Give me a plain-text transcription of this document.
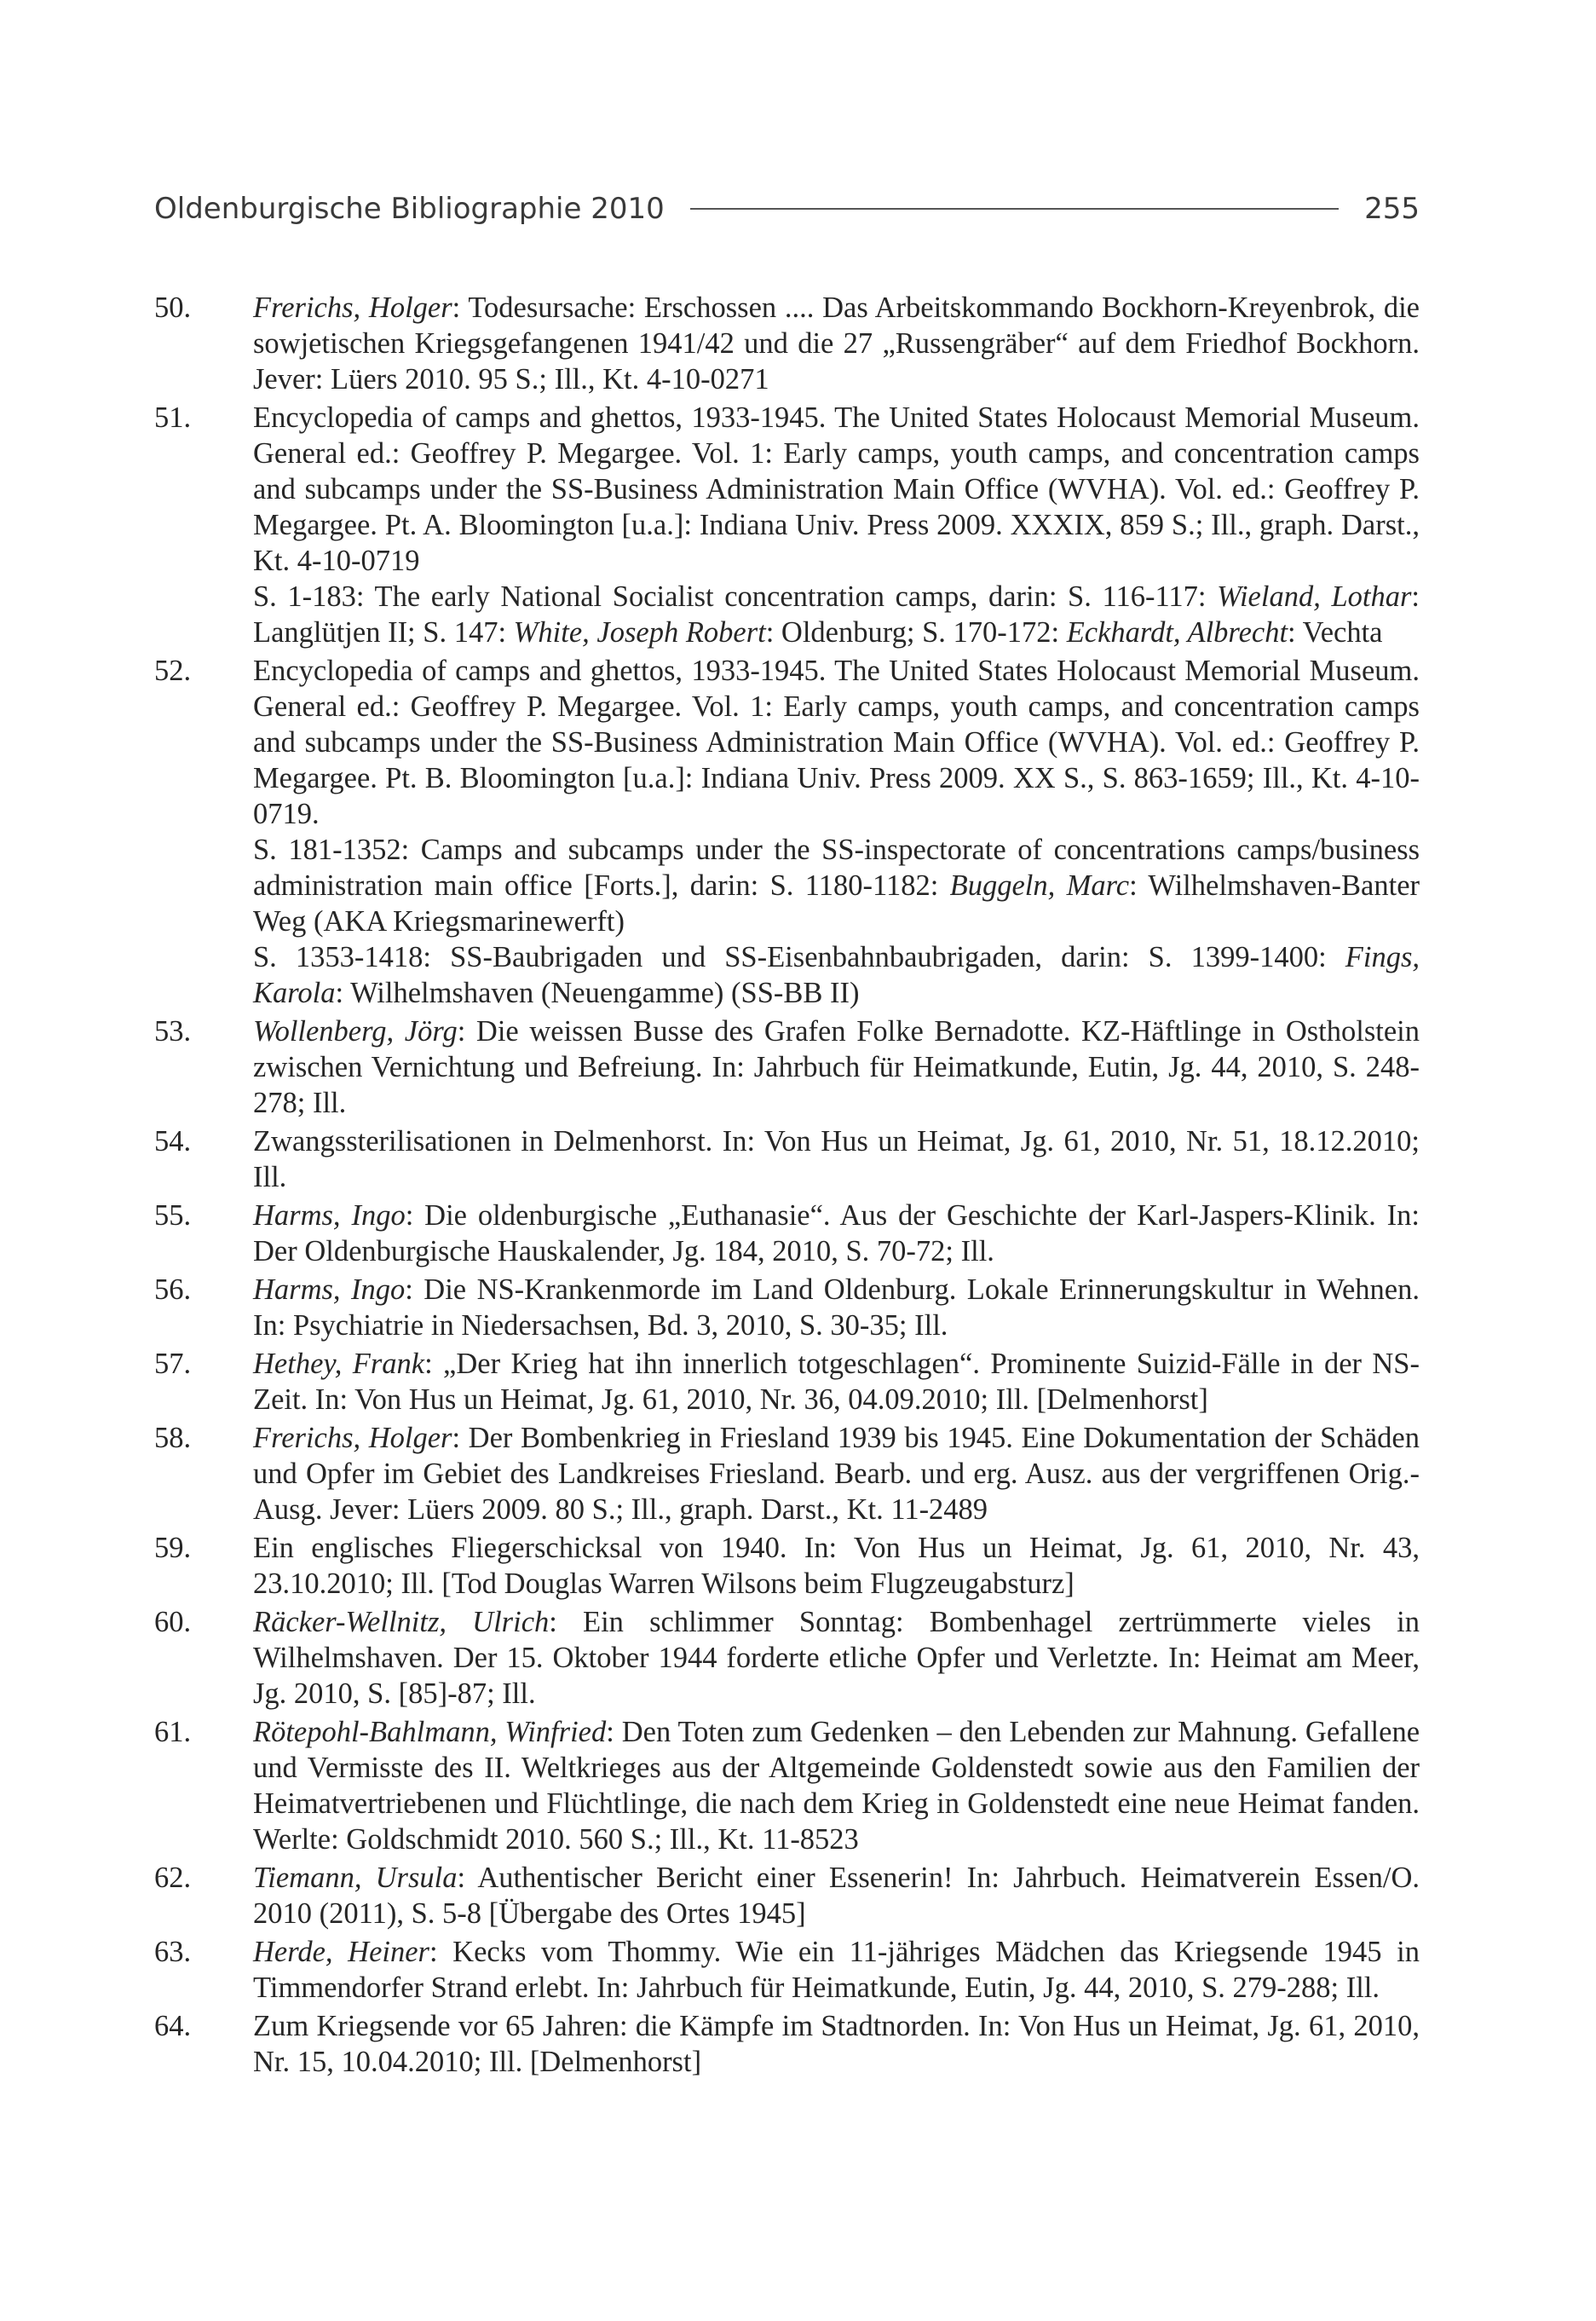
Oldenburgische Bibliographie 2010	255
50.	Frerichs, Holger: Todesursache: Erschossen .... Das Arbeitskommando Bockhorn-Kreyenbrok, die sowjetischen Kriegsgefangenen 1941/42 und die 27 „Russengräber“ auf dem Friedhof Bockhorn. Jever: Lüers 2010. 95 S.; Ill., Kt. 4-10-0271

51.	Encyclopedia of camps and ghettos, 1933-1945. The United States Holocaust Memorial Museum. General ed.: Geoffrey P. Megargee. Vol. 1: Early camps, youth camps, and concentration camps and subcamps under the SS-Business Administration Main Office (WVHA). Vol. ed.: Geoffrey P. Megargee. Pt. A. Bloomington [u.a.]: Indiana Univ. Press 2009. XXXIX, 859 S.; Ill., graph. Darst., Kt. 4-10-0719

S. 1-183: The early National Socialist concentration camps, darin: S. 116-117: Wieland, Lothar: Langlütjen II; S. 147: White, Joseph Robert: Oldenburg; S. 170-172: Eckhardt, Albrecht: Vechta

52.	Encyclopedia of camps and ghettos, 1933-1945. The United States Holocaust Memorial Museum. General ed.: Geoffrey P. Megargee. Vol. 1: Early camps, youth camps, and concentration camps and subcamps under the SS-Business Administration Main Office (WVHA). Vol. ed.: Geoffrey P. Megargee. Pt. B. Bloomington [u.a.]: Indiana Univ. Press 2009. XX S., S. 863-1659; Ill., Kt. 4-10-0719.

S. 181-1352: Camps and subcamps under the SS-inspectorate of concentrations camps/business administration main office [Forts.], darin: S. 1180-1182: Buggeln, Marc: Wilhelmshaven-Banter Weg (AKA Kriegsmarinewerft)

S. 1353-1418: SS-Baubrigaden und SS-Eisenbahnbaubrigaden, darin: S. 1399-1400: Fings, Karola: Wilhelmshaven (Neuengamme) (SS-BB II)

53.	Wollenberg, Jörg: Die weissen Busse des Grafen Folke Bernadotte. KZ-Häftlinge in Ostholstein zwischen Vernichtung und Befreiung. In: Jahrbuch für Heimatkunde, Eutin, Jg. 44, 2010, S. 248-278; Ill.

54.	Zwangssterilisationen in Delmenhorst. In: Von Hus un Heimat, Jg. 61, 2010, Nr. 51, 18.12.2010; Ill.

55.	Harms, Ingo: Die oldenburgische „Euthanasie“. Aus der Geschichte der Karl-Jaspers-Klinik. In: Der Oldenburgische Hauskalender, Jg. 184, 2010, S. 70-72; Ill.

56.	Harms, Ingo: Die NS-Krankenmorde im Land Oldenburg. Lokale Erinnerungskultur in Wehnen. In: Psychiatrie in Niedersachsen, Bd. 3, 2010, S. 30-35; Ill.

57.	Hethey, Frank: „Der Krieg hat ihn innerlich totgeschlagen“. Prominente Suizid-Fälle in der NS-Zeit. In: Von Hus un Heimat, Jg. 61, 2010, Nr. 36, 04.09.2010; Ill. [Delmenhorst]

58.	Frerichs, Holger: Der Bombenkrieg in Friesland 1939 bis 1945. Eine Dokumentation der Schäden und Opfer im Gebiet des Landkreises Friesland. Bearb. und erg. Ausz. aus der vergriffenen Orig.-Ausg. Jever: Lüers 2009. 80 S.; Ill., graph. Darst., Kt. 11-2489

59.	Ein englisches Fliegerschicksal von 1940. In: Von Hus un Heimat, Jg. 61, 2010, Nr. 43, 23.10.2010; Ill. [Tod Douglas Warren Wilsons beim Flugzeugabsturz]

60.	Räcker-Wellnitz, Ulrich: Ein schlimmer Sonntag: Bombenhagel zertrümmerte vieles in Wilhelmshaven. Der 15. Oktober 1944 forderte etliche Opfer und Verletzte. In: Heimat am Meer, Jg. 2010, S. [85]-87; Ill.

61.	Rötepohl-Bahlmann, Winfried: Den Toten zum Gedenken – den Lebenden zur Mahnung. Gefallene und Vermisste des II. Weltkrieges aus der Altgemeinde Goldenstedt sowie aus den Familien der Heimatvertriebenen und Flüchtlinge, die nach dem Krieg in Goldenstedt eine neue Heimat fanden. Werlte: Goldschmidt 2010. 560 S.; Ill., Kt. 11-8523

62.	Tiemann, Ursula: Authentischer Bericht einer Essenerin! In: Jahrbuch. Heimatverein Essen/O. 2010 (2011), S. 5-8 [Übergabe des Ortes 1945]

63.	Herde, Heiner: Kecks vom Thommy. Wie ein 11-jähriges Mädchen das Kriegsende 1945 in Timmendorfer Strand erlebt. In: Jahrbuch für Heimatkunde, Eutin, Jg. 44, 2010, S. 279-288; Ill.

64.	Zum Kriegsende vor 65 Jahren: die Kämpfe im Stadtnorden. In: Von Hus un Heimat, Jg. 61, 2010, Nr. 15, 10.04.2010; Ill. [Delmenhorst]
